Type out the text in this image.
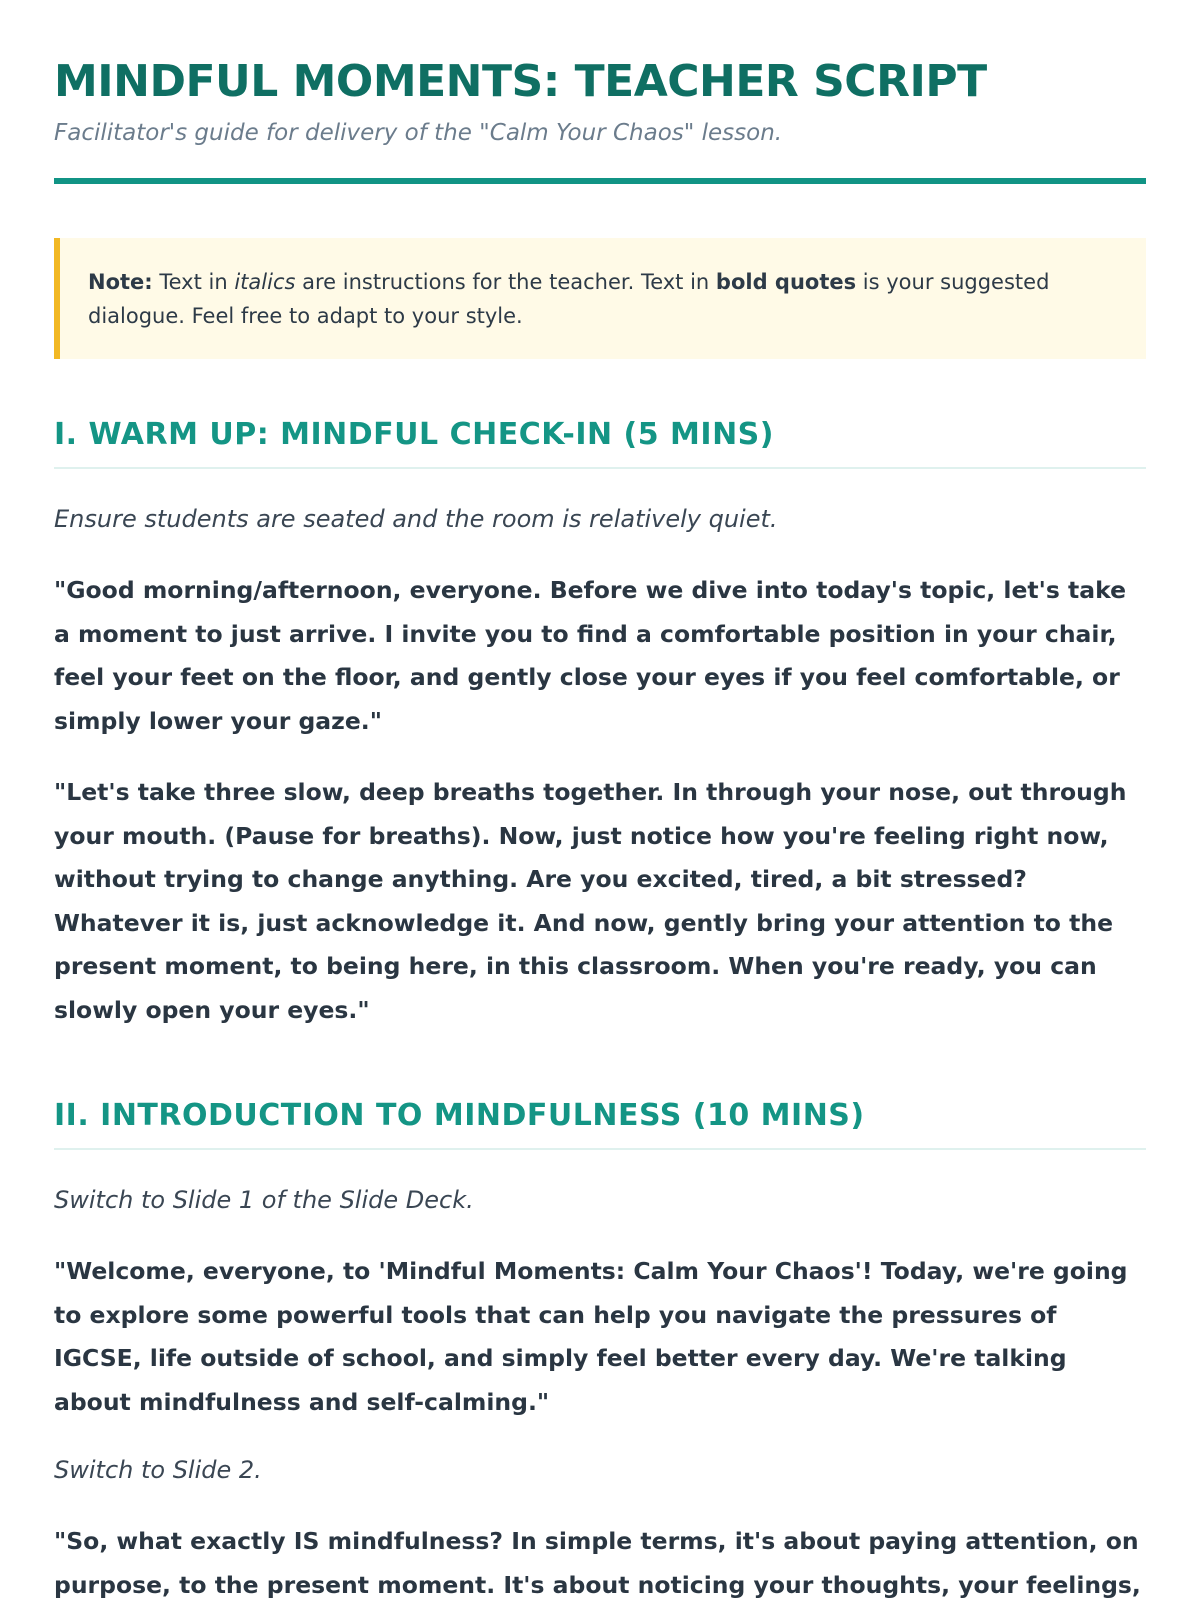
MINDFUL MOMENTS: TEACHER SCRIPT

Facilitator's guide for delivery of the "Calm Your Chaos" lesson.

Note: Text in italics are instructions for the teacher. Text in bold quotes is your suggested dialogue. Feel free to adapt to your style.
I. WARM UP: MINDFUL CHECK-IN (5 MINS)

Ensure students are seated and the room is relatively quiet.

"Good morning/afternoon, everyone. Before we dive into today's topic, let's take a moment to just arrive. I invite you to find a comfortable position in your chair, feel your feet on the floor, and gently close your eyes if you feel comfortable, or simply lower your gaze."

"Let's take three slow, deep breaths together. In through your nose, out through your mouth. (Pause for breaths). Now, just notice how you're feeling right now, without trying to change anything. Are you excited, tired, a bit stressed? Whatever it is, just acknowledge it. And now, gently bring your attention to the present moment, to being here, in this classroom. When you're ready, you can slowly open your eyes."

II. INTRODUCTION TO MINDFULNESS (10 MINS)

Switch to Slide 1 of the Slide Deck.

"Welcome, everyone, to 'Mindful Moments: Calm Your Chaos'! Today, we're going to explore some powerful tools that can help you navigate the pressures of IGCSE, life outside of school, and simply feel better every day. We're talking about mindfulness and self-calming."

Switch to Slide 2.

"So, what exactly IS mindfulness? In simple terms, it's about paying attention, on purpose, to the present moment. It's about noticing your thoughts, your feelings,
